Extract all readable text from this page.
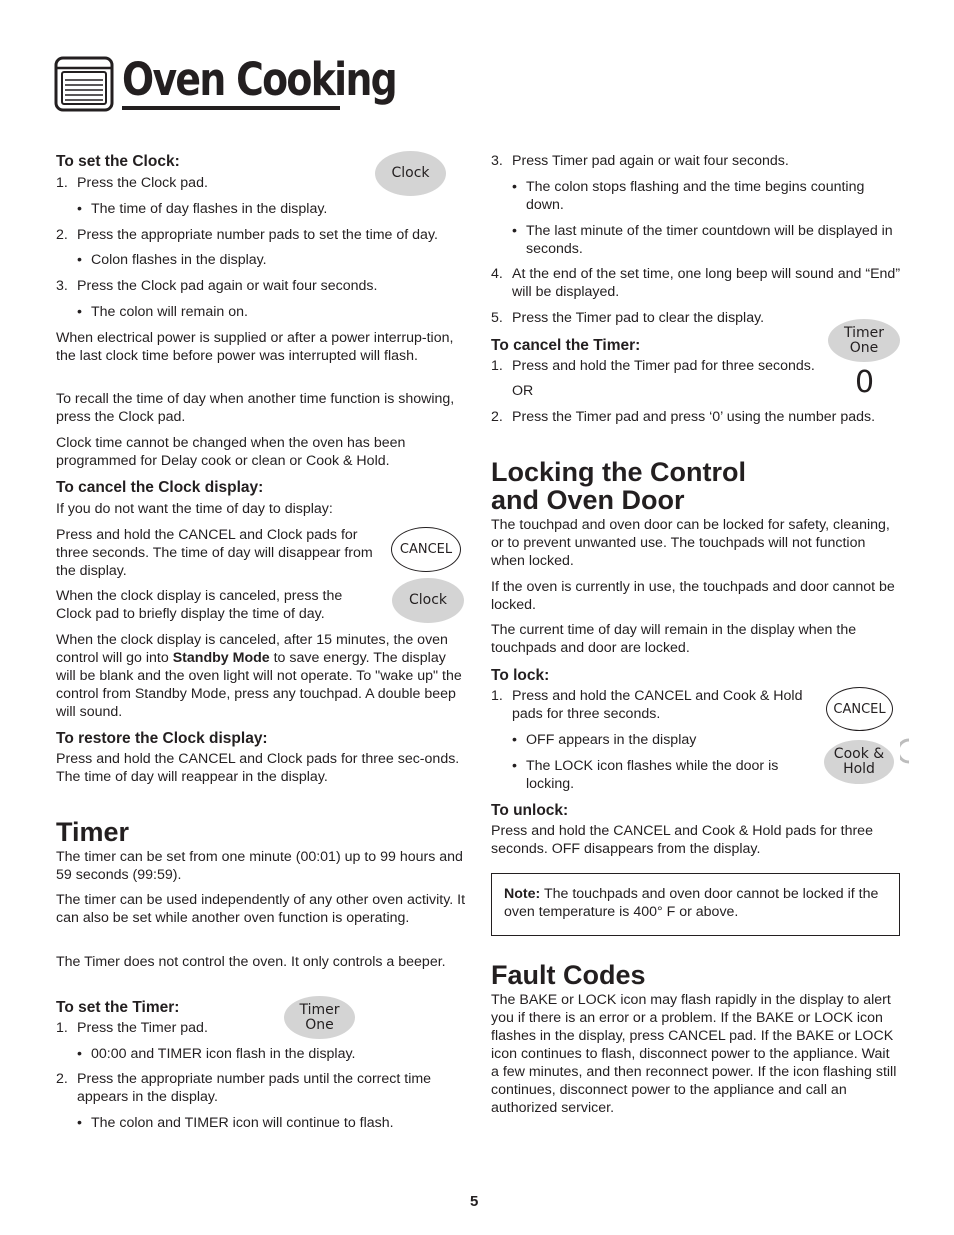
Oven Cooking
To set the Clock:
1. Press the Clock pad.
• The time of day flashes in the display.
2. Press the appropriate number pads to set the time of day.
• Colon flashes in the display.
3. Press the Clock pad again or wait four seconds.
• The colon will remain on.
When electrical power is supplied or after a power interrup-tion, the last clock time before power was interrupted will flash.
To recall the time of day when another time function is showing, press the Clock pad.
Clock time cannot be changed when the oven has been programmed for Delay cook or clean or Cook & Hold.
To cancel the Clock display:
If you do not want the time of day to display:
Press and hold the CANCEL and Clock pads for three seconds. The time of day will disappear from the display.
When the clock display is canceled, press the Clock pad to briefly display the time of day.
When the clock display is canceled, after 15 minutes, the oven control will go into Standby Mode to save energy. The display will be blank and the oven light will not operate. To "wake up" the control from Standby Mode, press any touchpad. A double beep will sound.
To restore the Clock display:
Press and hold the CANCEL and Clock pads for three sec-onds. The time of day will reappear in the display.
Timer
The timer can be set from one minute (00:01) up to 99 hours and 59 seconds (99:59).
The timer can be used independently of any other oven activity. It can also be set while another oven function is operating.
The Timer does not control the oven. It only controls a beeper.
To set the Timer:
1. Press the Timer pad.
• 00:00 and TIMER icon flash in the display.
2. Press the appropriate number pads until the correct time appears in the display.
• The colon and TIMER icon will continue to flash.
Clock
CANCEL
Clock
Timer
One
3. Press Timer pad again or wait four seconds.
• The colon stops flashing and the time begins counting down.
• The last minute of the timer countdown will be displayed in seconds.
4. At the end of the set time, one long beep will sound and “End” will be displayed.
5. Press the Timer pad to clear the display.
To cancel the Timer:
1. Press and hold the Timer pad for three seconds.
OR
2. Press the Timer pad and press ‘0’ using the number pads.
Locking the Control
and Oven Door
The touchpad and oven door can be locked for safety, cleaning, or to prevent unwanted use. The touchpads will not function when locked.
If the oven is currently in use, the touchpads and door cannot be locked.
The current time of day will remain in the display when the touchpads and door are locked.
To lock:
1. Press and hold the CANCEL and Cook & Hold pads for three seconds.
• OFF appears in the display
• The LOCK icon flashes while the door is locking.
To unlock:
Press and hold the CANCEL and Cook & Hold pads for three seconds. OFF disappears from the display.
Fault Codes
The BAKE or LOCK icon may flash rapidly in the display to alert you if there is an error or a problem. If the BAKE or LOCK icon flashes in the display, press CANCEL pad. If the BAKE or LOCK icon continues to flash, disconnect power to the appliance. Wait a few minutes, and then reconnect power. If the icon flashing still continues, disconnect power to the appliance and call an authorized servicer.
Note: The touchpads and oven door cannot be locked if the oven temperature is 400° F or above.
Timer
One
0
CANCEL
Cook &
Hold
5
